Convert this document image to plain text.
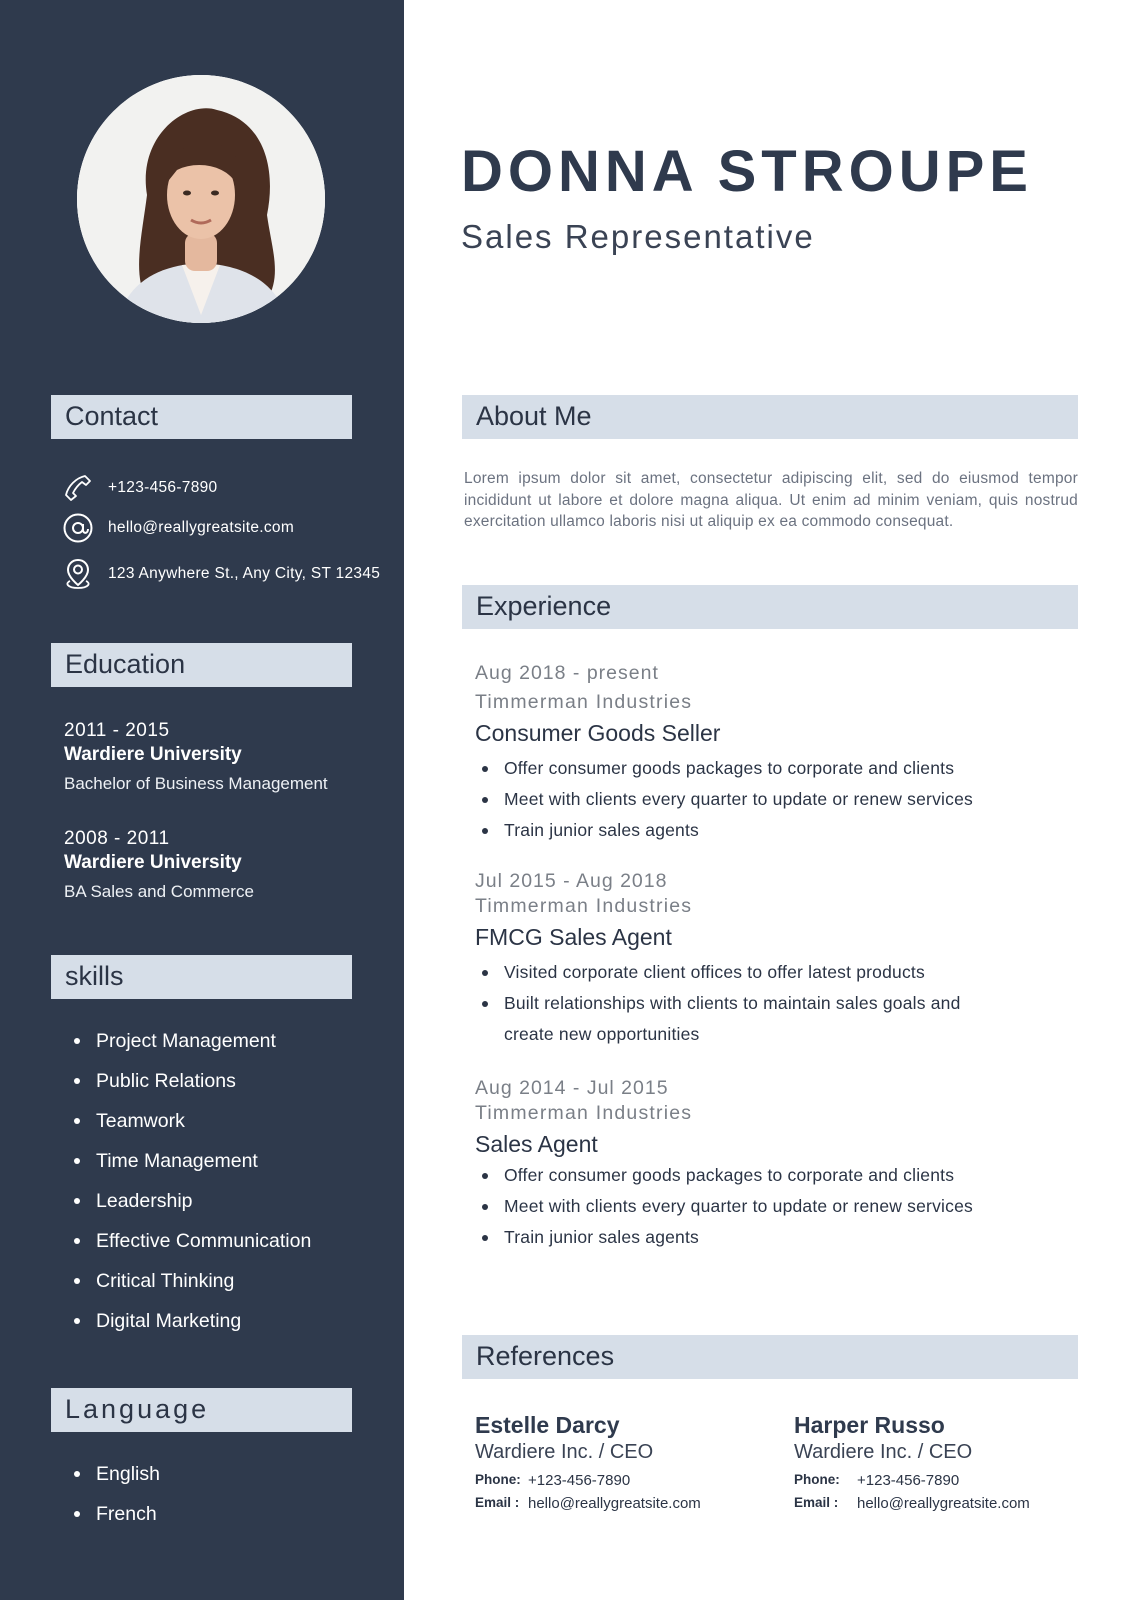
Contact
+123-456-7890
hello@reallygreatsite.com
123 Anywhere St., Any City, ST 12345
Education
2011 - 2015
Wardiere University
Bachelor of Business Management
2008 - 2011
Wardiere University
BA Sales and Commerce
skills
Project Management
Public Relations
Teamwork
Time Management
Leadership
Effective Communication
Critical Thinking
Digital Marketing
Language
English
French
DONNA STROUPE
Sales Representative
About Me
Lorem ipsum dolor sit amet, consectetur adipiscing elit, sed do eiusmod tempor incididunt ut labore et dolore magna aliqua. Ut enim ad minim veniam, quis nostrud exercitation ullamco laboris nisi ut aliquip ex ea commodo consequat.
Experience
Aug 2018 - present
Timmerman Industries
Consumer Goods Seller
Offer consumer goods packages to corporate and clients
Meet with clients every quarter to update or renew services
Train junior sales agents
Jul 2015 - Aug 2018
Timmerman Industries
FMCG Sales Agent
Visited corporate client offices to offer latest products
Built relationships with clients to maintain sales goals and create new opportunities
Aug 2014 - Jul 2015
Timmerman Industries
Sales Agent
Offer consumer goods packages to corporate and clients
Meet with clients every quarter to update or renew services
Train junior sales agents
References
Estelle Darcy
Wardiere Inc. / CEO
Phone: +123-456-7890
Email : hello@reallygreatsite.com
Harper Russo
Wardiere Inc. / CEO
Phone:	+123-456-7890
Email :	hello@reallygreatsite.com
